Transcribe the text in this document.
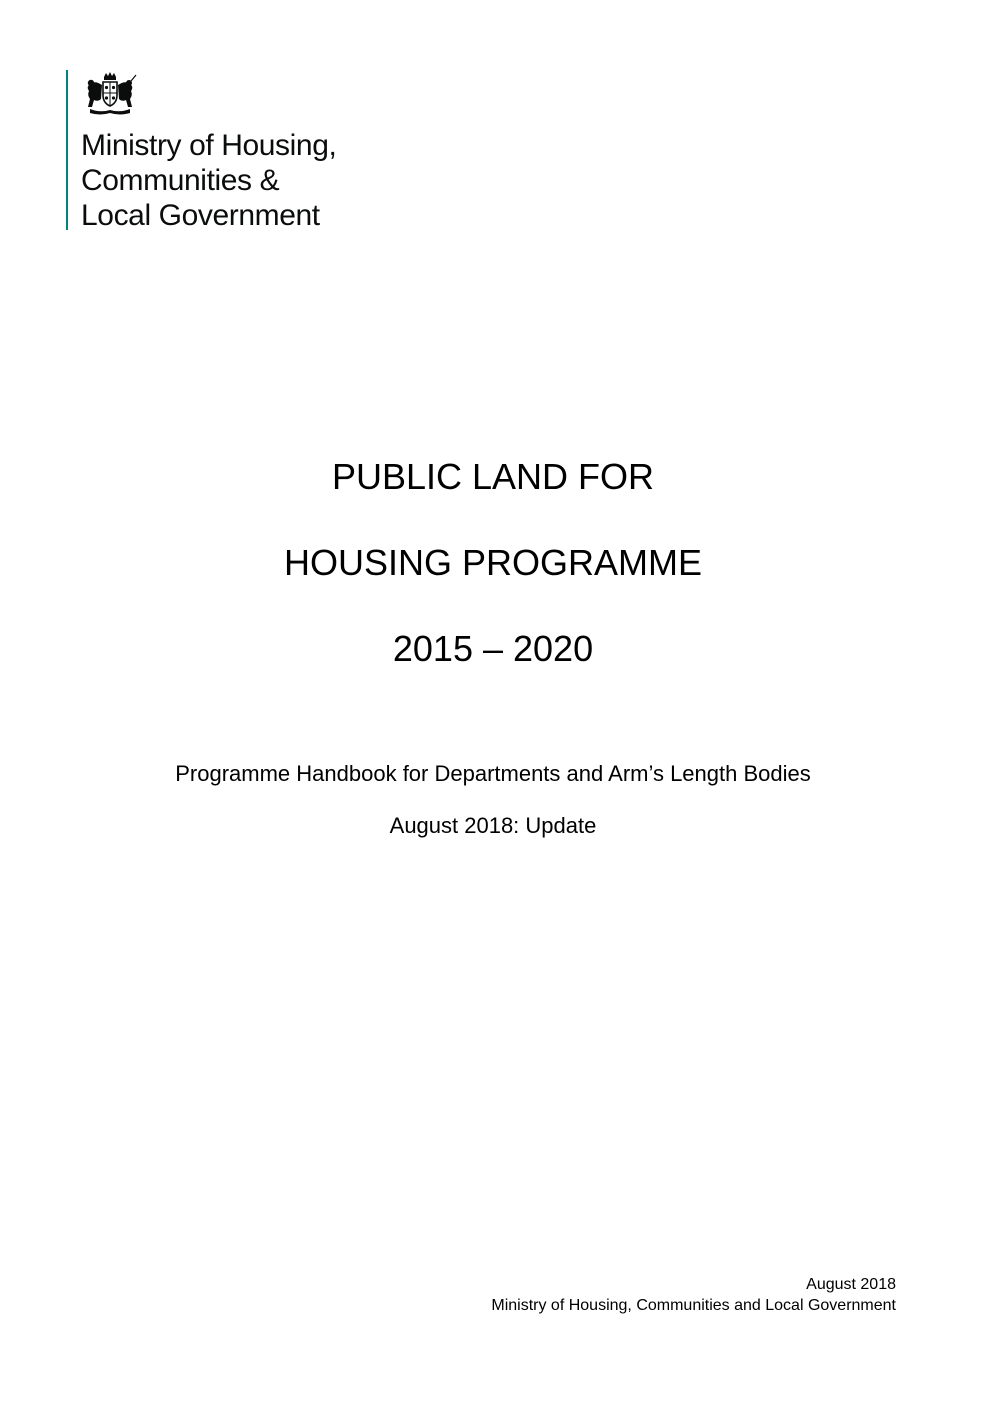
Ministry of Housing,
Communities &
Local Government
PUBLIC LAND FOR
HOUSING PROGRAMME
2015 – 2020
Programme Handbook for Departments and Arm’s Length Bodies
August 2018: Update
August 2018
Ministry of Housing, Communities and Local Government
